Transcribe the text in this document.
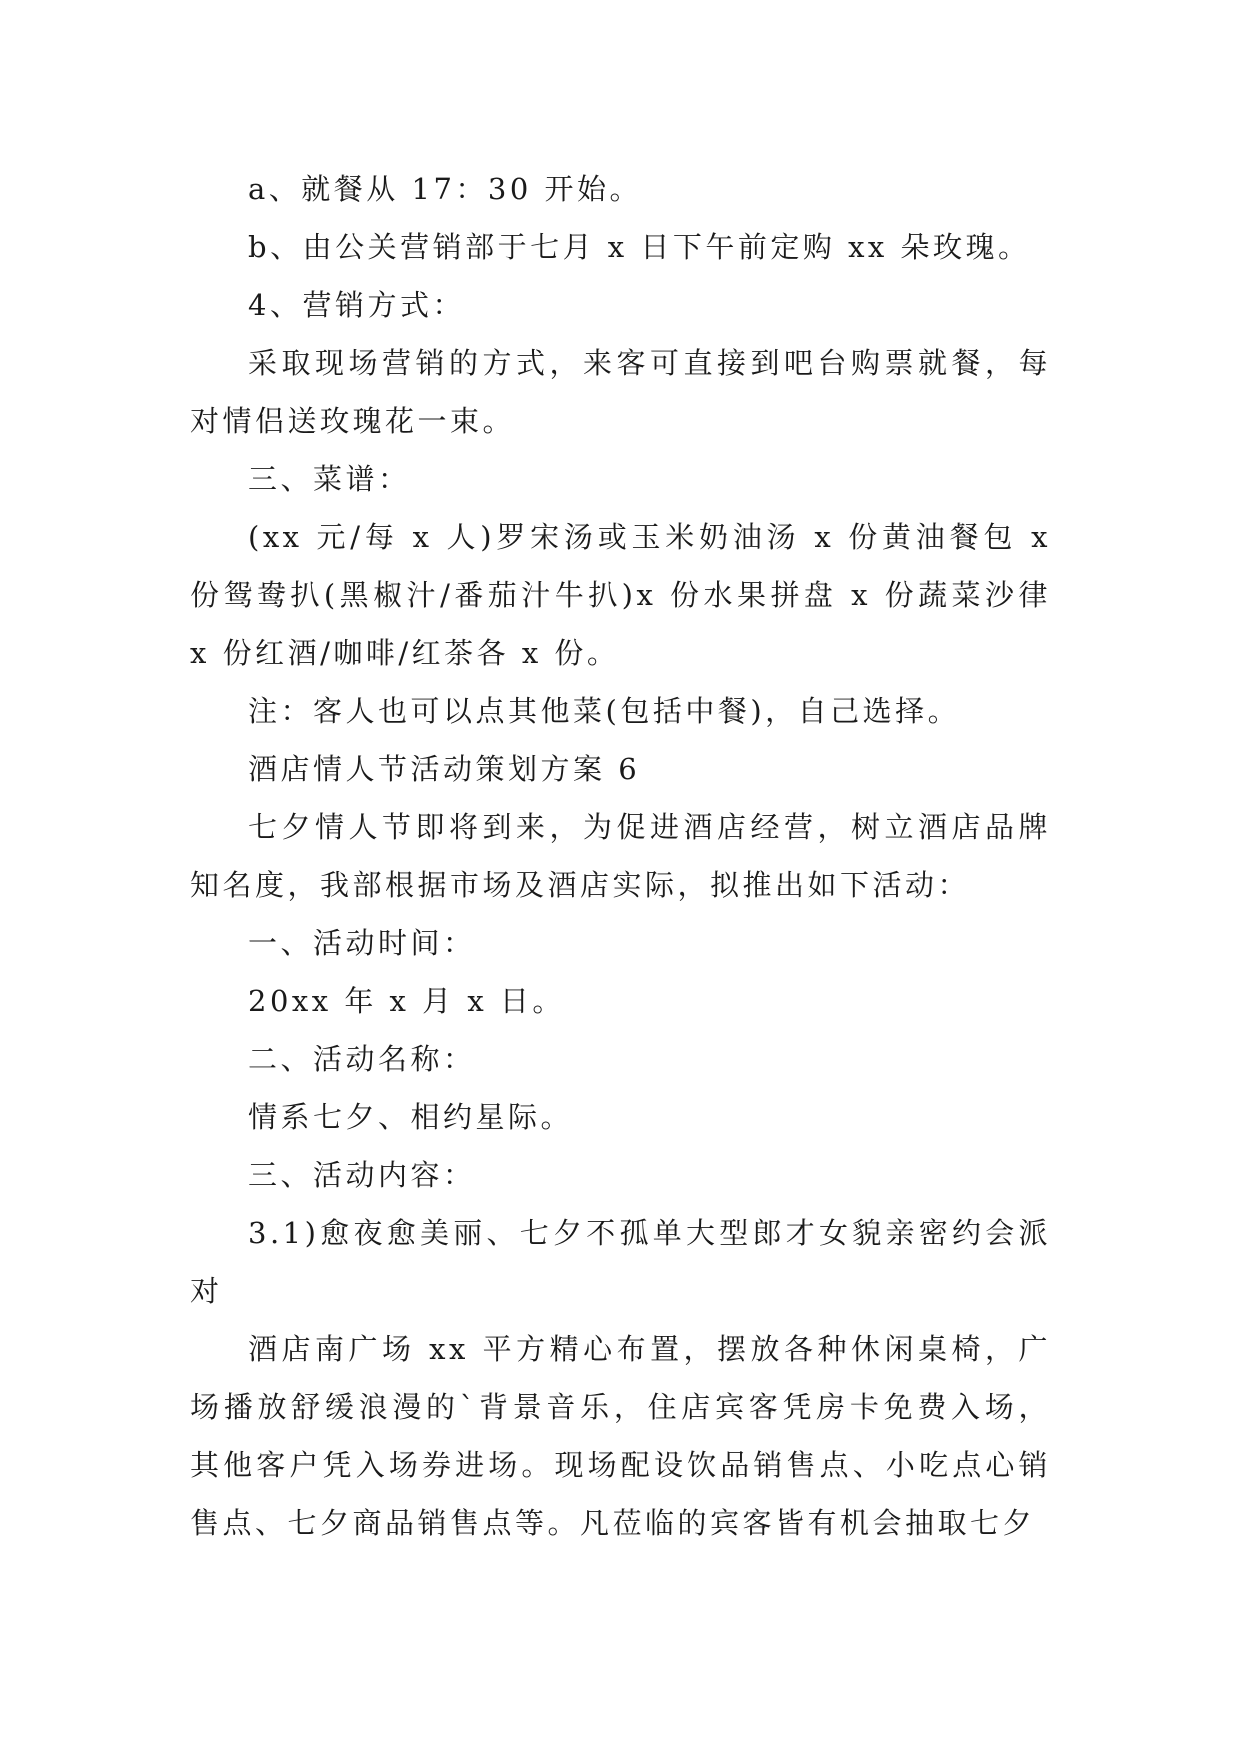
a、就餐从 17：30 开始。

b、由公关营销部于七月 x 日下午前定购 xx 朵玫瑰。

4、营销方式：

采取现场营销的方式，来客可直接到吧台购票就餐，每对情侣送玫瑰花一束。

三、菜谱：

(xx 元/每 x 人)罗宋汤或玉米奶油汤 x 份黄油餐包 x 份鸳鸯扒(黑椒汁/番茄汁牛扒)x 份水果拼盘 x 份蔬菜沙律 x 份红酒/咖啡/红茶各 x 份。

注：客人也可以点其他菜(包括中餐)，自己选择。

酒店情人节活动策划方案 6

七夕情人节即将到来，为促进酒店经营，树立酒店品牌知名度，我部根据市场及酒店实际，拟推出如下活动：

一、活动时间：

20xx 年 x 月 x 日。

二、活动名称：

情系七夕、相约星际。

三、活动内容：

3.1)愈夜愈美丽、七夕不孤单大型郎才女貌亲密约会派对

酒店南广场 xx 平方精心布置，摆放各种休闲桌椅，广场播放舒缓浪漫的`背景音乐，住店宾客凭房卡免费入场，其他客户凭入场券进场。现场配设饮品销售点、小吃点心销售点、七夕商品销售点等。凡莅临的宾客皆有机会抽取七夕
